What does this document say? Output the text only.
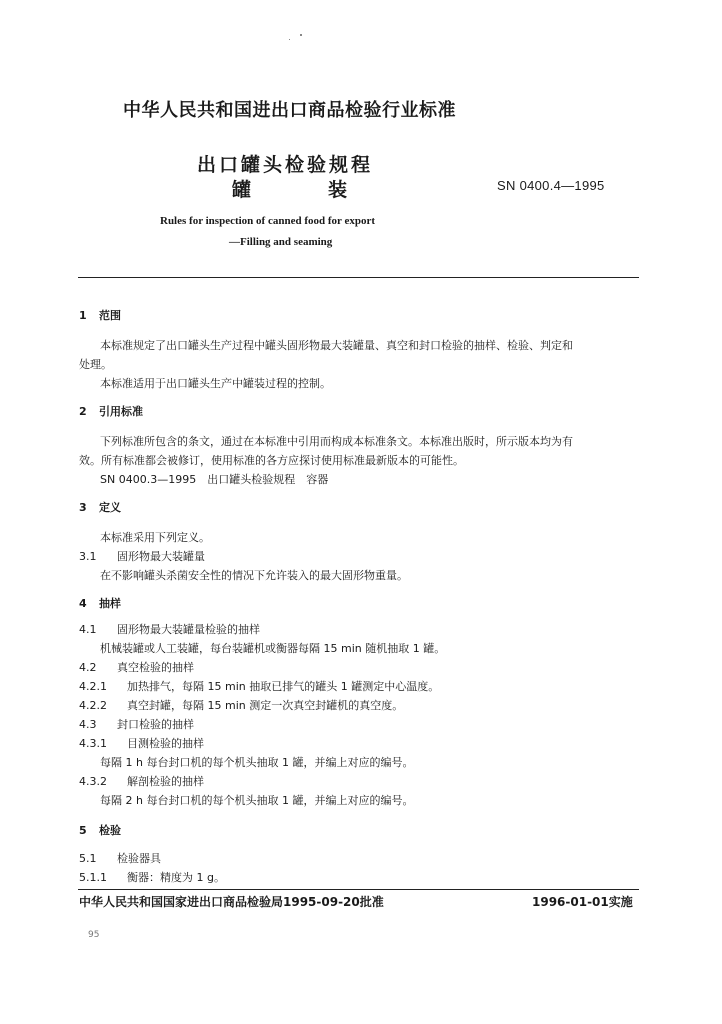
中华人民共和国进出口商品检验行业标准
出口罐头检验规程
罐	装	SN 0400.4—1995
Rules for inspection of canned food for export
—Filling and seaming
1 范围
本标准规定了出口罐头生产过程中罐头固形物最大装罐量、真空和封口检验的抽样、检验、判定和
处理。
本标准适用于出口罐头生产中罐装过程的控制。
2 引用标准
下列标准所包含的条文，通过在本标准中引用而构成本标准条文。本标准出版时，所示版本均为有
效。所有标准都会被修订，使用标准的各方应探讨使用标准最新版本的可能性。
SN 0400.3—1995　出口罐头检验规程　容器
3 定义
本标准采用下列定义。
3.1 固形物最大装罐量
在不影响罐头杀菌安全性的情况下允许装入的最大固形物重量。
4 抽样
4.1 固形物最大装罐量检验的抽样
机械装罐或人工装罐，每台装罐机或衡器每隔 15 min 随机抽取 1 罐。
4.2 真空检验的抽样
4.2.1 加热排气，每隔 15 min 抽取已排气的罐头 1 罐测定中心温度。
4.2.2 真空封罐，每隔 15 min 测定一次真空封罐机的真空度。
4.3 封口检验的抽样
4.3.1 目测检验的抽样
每隔 1 h 每台封口机的每个机头抽取 1 罐，并编上对应的编号。
4.3.2 解剖检验的抽样
每隔 2 h 每台封口机的每个机头抽取 1 罐，并编上对应的编号。
5 检验
5.1 检验器具
5.1.1 衡器：精度为 1 g。
中华人民共和国国家进出口商品检验局1995-09-20批准	1996-01-01实施
95
